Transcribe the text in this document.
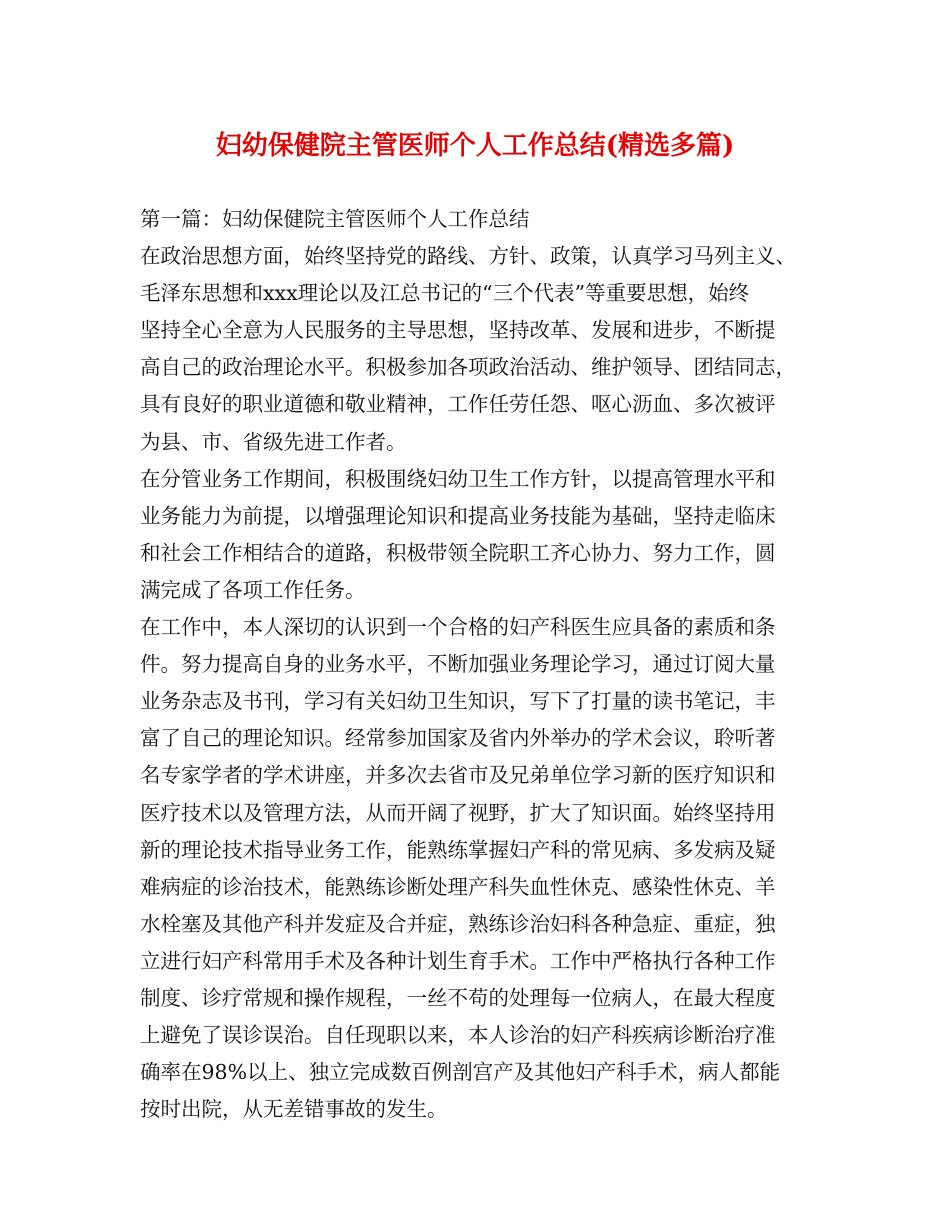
妇幼保健院主管医师个人工作总结(精选多篇)
第一篇：妇幼保健院主管医师个人工作总结
在政治思想方面，始终坚持党的路线、方针、政策，认真学习马列主义、
毛泽东思想和xxx理论以及江总书记的“三个代表”等重要思想，始终
坚持全心全意为人民服务的主导思想，坚持改革、发展和进步，不断提
高自己的政治理论水平。积极参加各项政治活动、维护领导、团结同志，
具有良好的职业道德和敬业精神，工作任劳任怨、呕心沥血、多次被评
为县、市、省级先进工作者。
在分管业务工作期间，积极围绕妇幼卫生工作方针，以提高管理水平和
业务能力为前提，以增强理论知识和提高业务技能为基础，坚持走临床
和社会工作相结合的道路，积极带领全院职工齐心协力、努力工作，圆
满完成了各项工作任务。
在工作中，本人深切的认识到一个合格的妇产科医生应具备的素质和条
件。努力提高自身的业务水平，不断加强业务理论学习，通过订阅大量
业务杂志及书刊，学习有关妇幼卫生知识，写下了打量的读书笔记，丰
富了自己的理论知识。经常参加国家及省内外举办的学术会议，聆听著
名专家学者的学术讲座，并多次去省市及兄弟单位学习新的医疗知识和
医疗技术以及管理方法，从而开阔了视野，扩大了知识面。始终坚持用
新的理论技术指导业务工作，能熟练掌握妇产科的常见病、多发病及疑
难病症的诊治技术，能熟练诊断处理产科失血性休克、感染性休克、羊
水栓塞及其他产科并发症及合并症，熟练诊治妇科各种急症、重症，独
立进行妇产科常用手术及各种计划生育手术。工作中严格执行各种工作
制度、诊疗常规和操作规程，一丝不苟的处理每一位病人，在最大程度
上避免了误诊误治。自任现职以来，本人诊治的妇产科疾病诊断治疗准
确率在98%以上、独立完成数百例剖宫产及其他妇产科手术，病人都能
按时出院，从无差错事故的发生。
